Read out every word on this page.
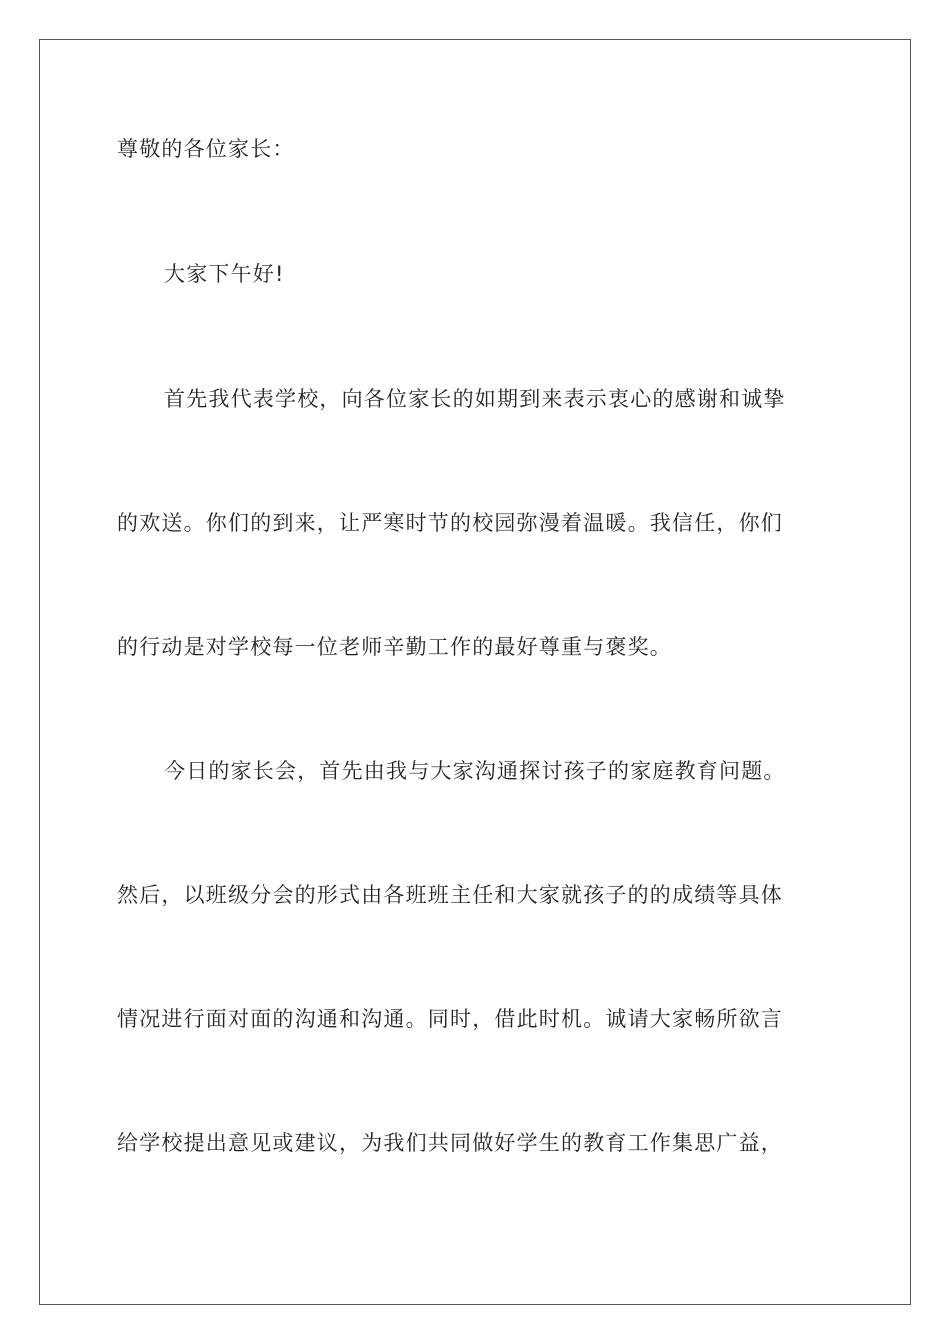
尊敬的各位家长：
大家下午好!
首先我代表学校，向各位家长的如期到来表示衷心的感谢和诚挚
的欢送。你们的到来，让严寒时节的校园弥漫着温暖。我信任，你们
的行动是对学校每一位老师辛勤工作的最好尊重与褒奖。
今日的家长会，首先由我与大家沟通探讨孩子的家庭教育问题。
然后，以班级分会的形式由各班班主任和大家就孩子的的成绩等具体
情况进行面对面的沟通和沟通。同时，借此时机。诚请大家畅所欲言
给学校提出意见或建议，为我们共同做好学生的教育工作集思广益，
